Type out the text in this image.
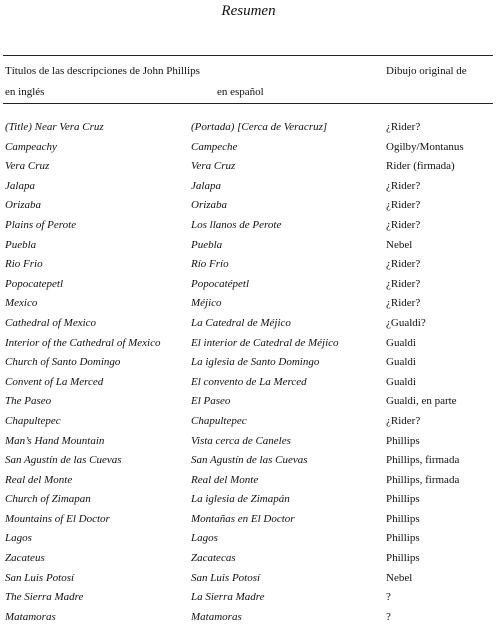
Resumen
Títulos de las descripciones de John Phillips
en inglés	en español
Dibujo original de
(Title) Near Vera Cruz	(Portada) [Cerca de Veracruz]	¿Rider?
Campeachy	Campeche	Ogilby/Montanus
Vera Cruz	Vera Cruz	Rider (firmada)
Jalapa	Jalapa	¿Rider?
Orizaba	Orizaba	¿Rider?
Plains of Perote	Los llanos de Perote	¿Rider?
Puebla	Puebla	Nebel
Rio Frio	Río Frío	¿Rider?
Popocatepetl	Popocatépetl	¿Rider?
Mexico	Méjico	¿Rider?
Cathedral of Mexico	La Catedral de Méjico	¿Gualdi?
Interior of the Cathedral of Mexico	El interior de Catedral de Méjico	Gualdi
Church of Santo Domingo	La iglesia de Santo Domingo	Gualdi
Convent of La Merced	El convento de La Merced	Gualdi
The Paseo	El Paseo	Gualdi, en parte
Chapultepec	Chapultepec	¿Rider?
Man’s Hand Mountain	Vista cerca de Caneles	Phillips
San Agustín de las Cuevas	San Agustín de las Cuevas	Phillips, firmada
Real del Monte	Real del Monte	Phillips, firmada
Church of Zimapan	La iglesia de Zimapán	Phillips
Mountains of El Doctor	Montañas en El Doctor	Phillips
Lagos	Lagos	Phillips
Zacateus	Zacatecas	Phillips
San Luis Potosí	San Luis Potosí	Nebel
The Sierra Madre	La Sierra Madre	?
Matamoras	Matamoras	?
